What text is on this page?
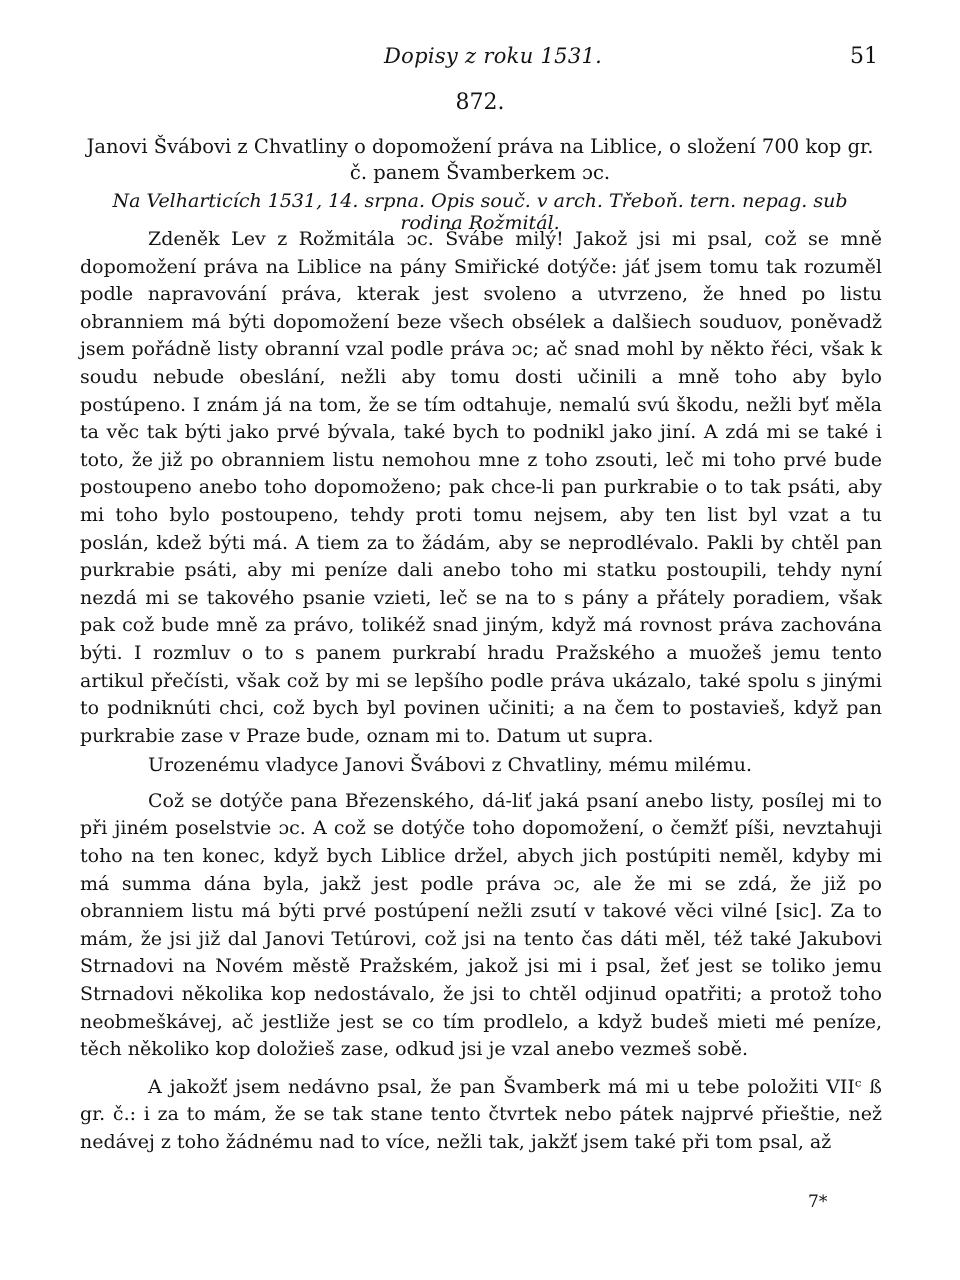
Dopisy z roku 1531.	51
872.
Janovi Švábovi z Chvatliny o dopomožení práva na Liblice, o složení 700 kop gr. č. panem Švamberkem ɔc.
Na Velharticích 1531, 14. srpna. Opis souč. v arch. Třeboň. tern. nepag. sub rodina Rožmitál.

Zdeněk Lev z Rožmitála ɔc. Švábe milý! Jakož jsi mi psal, což se mně dopomožení práva na Liblice na pány Smiřické dotýče: jáť jsem tomu tak rozuměl podle napravování práva, kterak jest svoleno a utvrzeno, že hned po listu obranniem má býti dopomožení beze všech obsélek a dalšiech souduov, poněvadž jsem pořádně listy obranní vzal podle práva ɔc; ač snad mohl by někto řéci, však k soudu nebude obeslání, nežli aby tomu dosti učinili a mně toho aby bylo postúpeno. I znám já na tom, že se tím odtahuje, nemalú svú škodu, nežli byť měla ta věc tak býti jako prvé bývala, také bych to podnikl jako jiní. A zdá mi se také i toto, že již po obranniem listu nemohou mne z toho zsouti, leč mi toho prvé bude postoupeno anebo toho dopomoženo; pak chce-li pan purkrabie o to tak psáti, aby mi toho bylo postoupeno, tehdy proti tomu nejsem, aby ten list byl vzat a tu poslán, kdež býti má. A tiem za to žádám, aby se neprodlévalo. Pakli by chtěl pan purkrabie psáti, aby mi peníze dali anebo toho mi statku postoupili, tehdy nyní nezdá mi se takového psanie vzieti, leč se na to s pány a přátely poradiem, však pak což bude mně za právo, tolikéž snad jiným, když má rovnost práva zachována býti. I rozmluv o to s panem purkrabí hradu Pražského a muožeš jemu tento artikul přečísti, však což by mi se lepšího podle práva ukázalo, také spolu s jinými to podniknúti chci, což bych byl povinen učiniti; a na čem to postavieš, když pan purkrabie zase v Praze bude, oznam mi to. Datum ut supra.

Urozenému vladyce Janovi Švábovi z Chvatliny, mému milému.

Což se dotýče pana Březenského, dá-liť jaká psaní anebo listy, posílej mi to při jiném poselstvie ɔc. A což se dotýče toho dopomožení, o čemžť píši, nevztahuji toho na ten konec, když bych Liblice držel, abych jich postúpiti neměl, kdyby mi má summa dána byla, jakž jest podle práva ɔc, ale že mi se zdá, že již po obranniem listu má býti prvé postúpení nežli zsutí v takové věci vilné [sic]. Za to mám, že jsi již dal Janovi Tetúrovi, což jsi na tento čas dáti měl, též také Jakubovi Strnadovi na Novém městě Pražském, jakož jsi mi i psal, žeť jest se toliko jemu Strnadovi několika kop nedostávalo, že jsi to chtěl odjinud opatřiti; a protož toho neobmeškávej, ač jestliže jest se co tím prodlelo, a když budeš mieti mé peníze, těch několiko kop doložieš zase, odkud jsi je vzal anebo vezmeš sobě.

A jakožť jsem nedávno psal, že pan Švamberk má mi u tebe položiti VIIᶜ ß gr. č.: i za to mám, že se tak stane tento čtvrtek nebo pátek najprvé přieštie, než nedávej z toho žádnému nad to více, nežli tak, jakžť jsem také při tom psal, až

7*
